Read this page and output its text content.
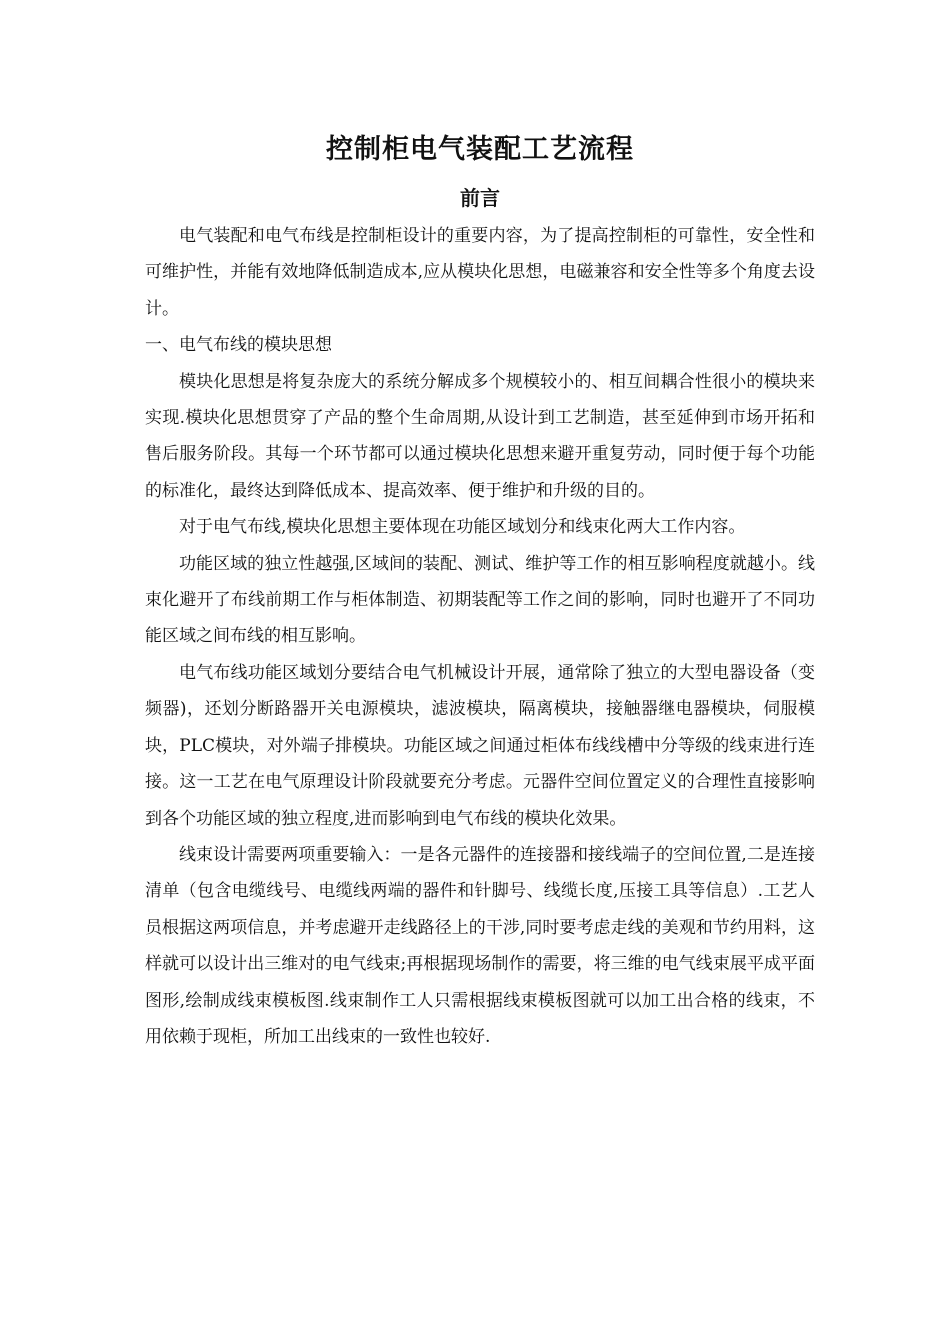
控制柜电气装配工艺流程
前言

电气装配和电气布线是控制柜设计的重要内容，为了提高控制柜的可靠性，安全性和可维护性，并能有效地降低制造成本,应从模块化思想，电磁兼容和安全性等多个角度去设计。

一、电气布线的模块思想

模块化思想是将复杂庞大的系统分解成多个规模较小的、相互间耦合性很小的模块来实现.模块化思想贯穿了产品的整个生命周期,从设计到工艺制造，甚至延伸到市场开拓和售后服务阶段。其每一个环节都可以通过模块化思想来避开重复劳动，同时便于每个功能的标准化，最终达到降低成本、提高效率、便于维护和升级的目的。

对于电气布线,模块化思想主要体现在功能区域划分和线束化两大工作内容。

功能区域的独立性越强,区域间的装配、测试、维护等工作的相互影响程度就越小。线束化避开了布线前期工作与柜体制造、初期装配等工作之间的影响，同时也避开了不同功能区域之间布线的相互影响。

电气布线功能区域划分要结合电气机械设计开展，通常除了独立的大型电器设备（变频器)，还划分断路器开关电源模块，滤波模块，隔离模块，接触器继电器模块，伺服模块，PLC模块，对外端子排模块。功能区域之间通过柜体布线线槽中分等级的线束进行连接。这一工艺在电气原理设计阶段就要充分考虑。元器件空间位置定义的合理性直接影响到各个功能区域的独立程度,进而影响到电气布线的模块化效果。

线束设计需要两项重要输入：一是各元器件的连接器和接线端子的空间位置,二是连接清单（包含电缆线号、电缆线两端的器件和针脚号、线缆长度,压接工具等信息）.工艺人员根据这两项信息，并考虑避开走线路径上的干涉,同时要考虑走线的美观和节约用料，这样就可以设计出三维对的电气线束;再根据现场制作的需要，将三维的电气线束展平成平面图形,绘制成线束模板图.线束制作工人只需根据线束模板图就可以加工出合格的线束，不用依赖于现柜，所加工出线束的一致性也较好.
